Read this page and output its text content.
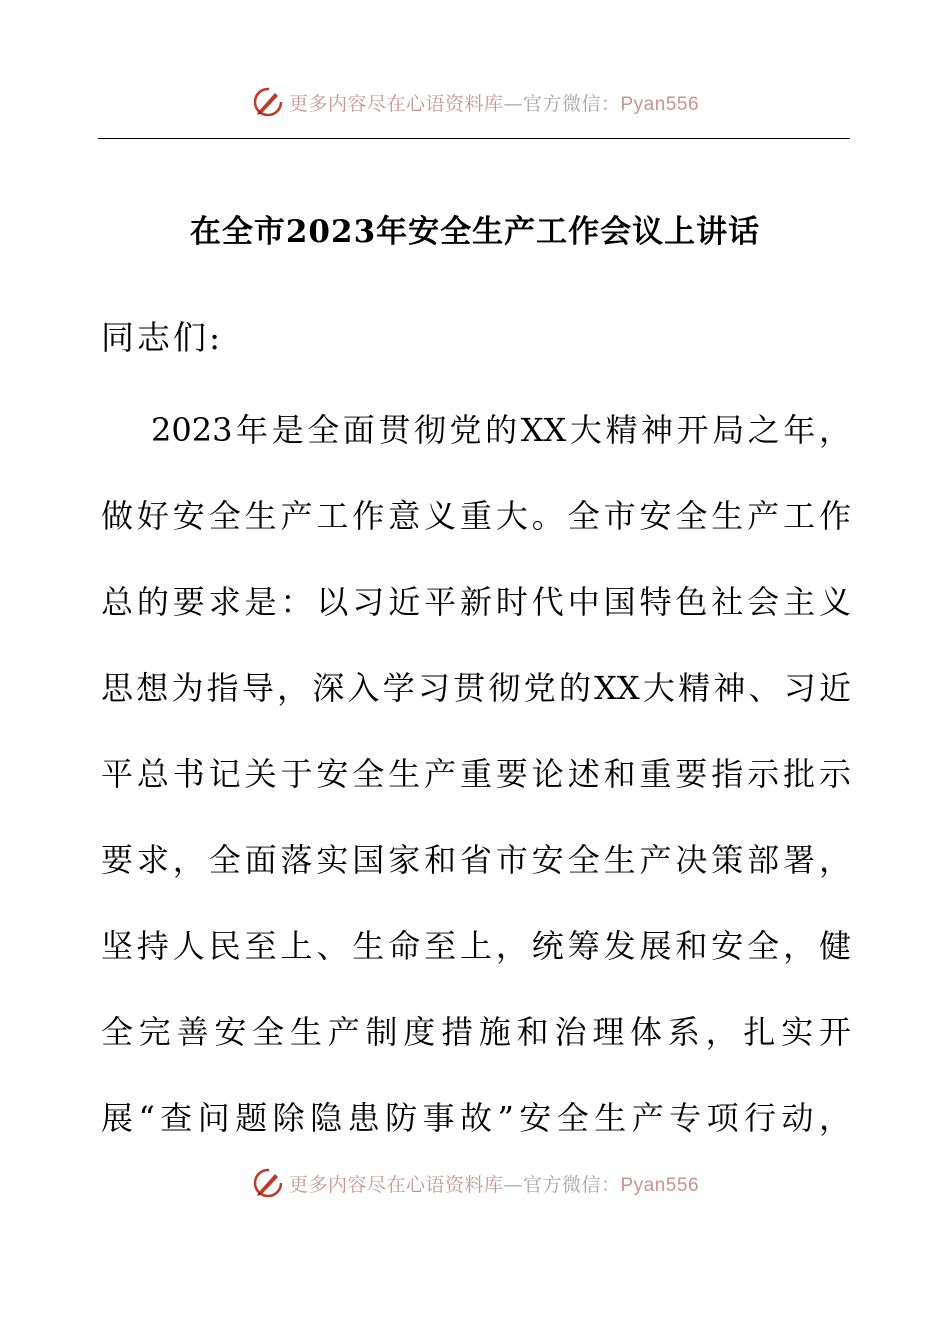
更多内容尽在心语资料库—官方微信：Pyan556
在全市2023年安全生产工作会议上讲话
同志们:
2023年是全面贯彻党的XX大精神开局之年，
做好安全生产工作意义重大。全市安全生产工作
总的要求是：以习近平新时代中国特色社会主义
思想为指导，深入学习贯彻党的XX大精神、习近
平总书记关于安全生产重要论述和重要指示批示
要求，全面落实国家和省市安全生产决策部署，
坚持人民至上、生命至上，统筹发展和安全，健
全完善安全生产制度措施和治理体系，扎实开
展“查问题除隐患防事故”安全生产专项行动，
更多内容尽在心语资料库—官方微信：Pyan556
